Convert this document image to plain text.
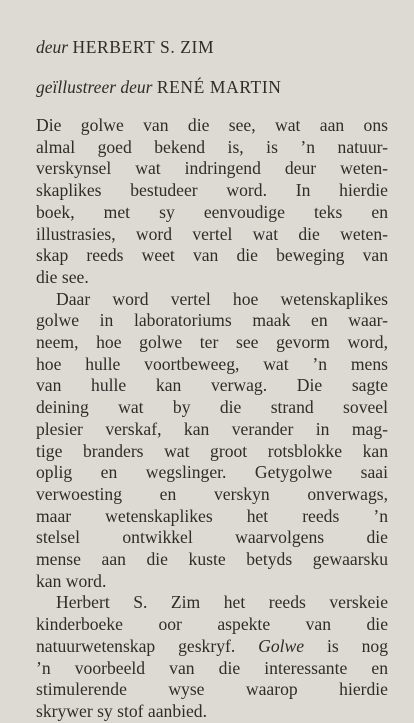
deur HERBERT S. ZIM

geïllustreer deur RENÉ MARTIN

Die golwe van die see, wat aan ons
almal goed bekend is, is ’n natuur-
verskynsel wat indringend deur weten-
skaplikes bestudeer word. In hierdie
boek, met sy eenvoudige teks en
illustrasies, word vertel wat die weten-
skap reeds weet van die beweging van
die see.

Daar word vertel hoe wetenskaplikes
golwe in laboratoriums maak en waar-
neem, hoe golwe ter see gevorm word,
hoe hulle voortbeweeg, wat ’n mens
van hulle kan verwag. Die sagte
deining wat by die strand soveel
plesier verskaf, kan verander in mag-
tige branders wat groot rotsblokke kan
oplig en wegslinger. Getygolwe saai
verwoesting en verskyn onverwags,
maar wetenskaplikes het reeds ’n
stelsel ontwikkel waarvolgens die
mense aan die kuste betyds gewaarsku
kan word.

Herbert S. Zim het reeds verskeie
kinderboeke oor aspekte van die
natuurwetenskap geskryf. Golwe is nog
’n voorbeeld van die interessante en
stimulerende wyse waarop hierdie
skrywer sy stof aanbied.
